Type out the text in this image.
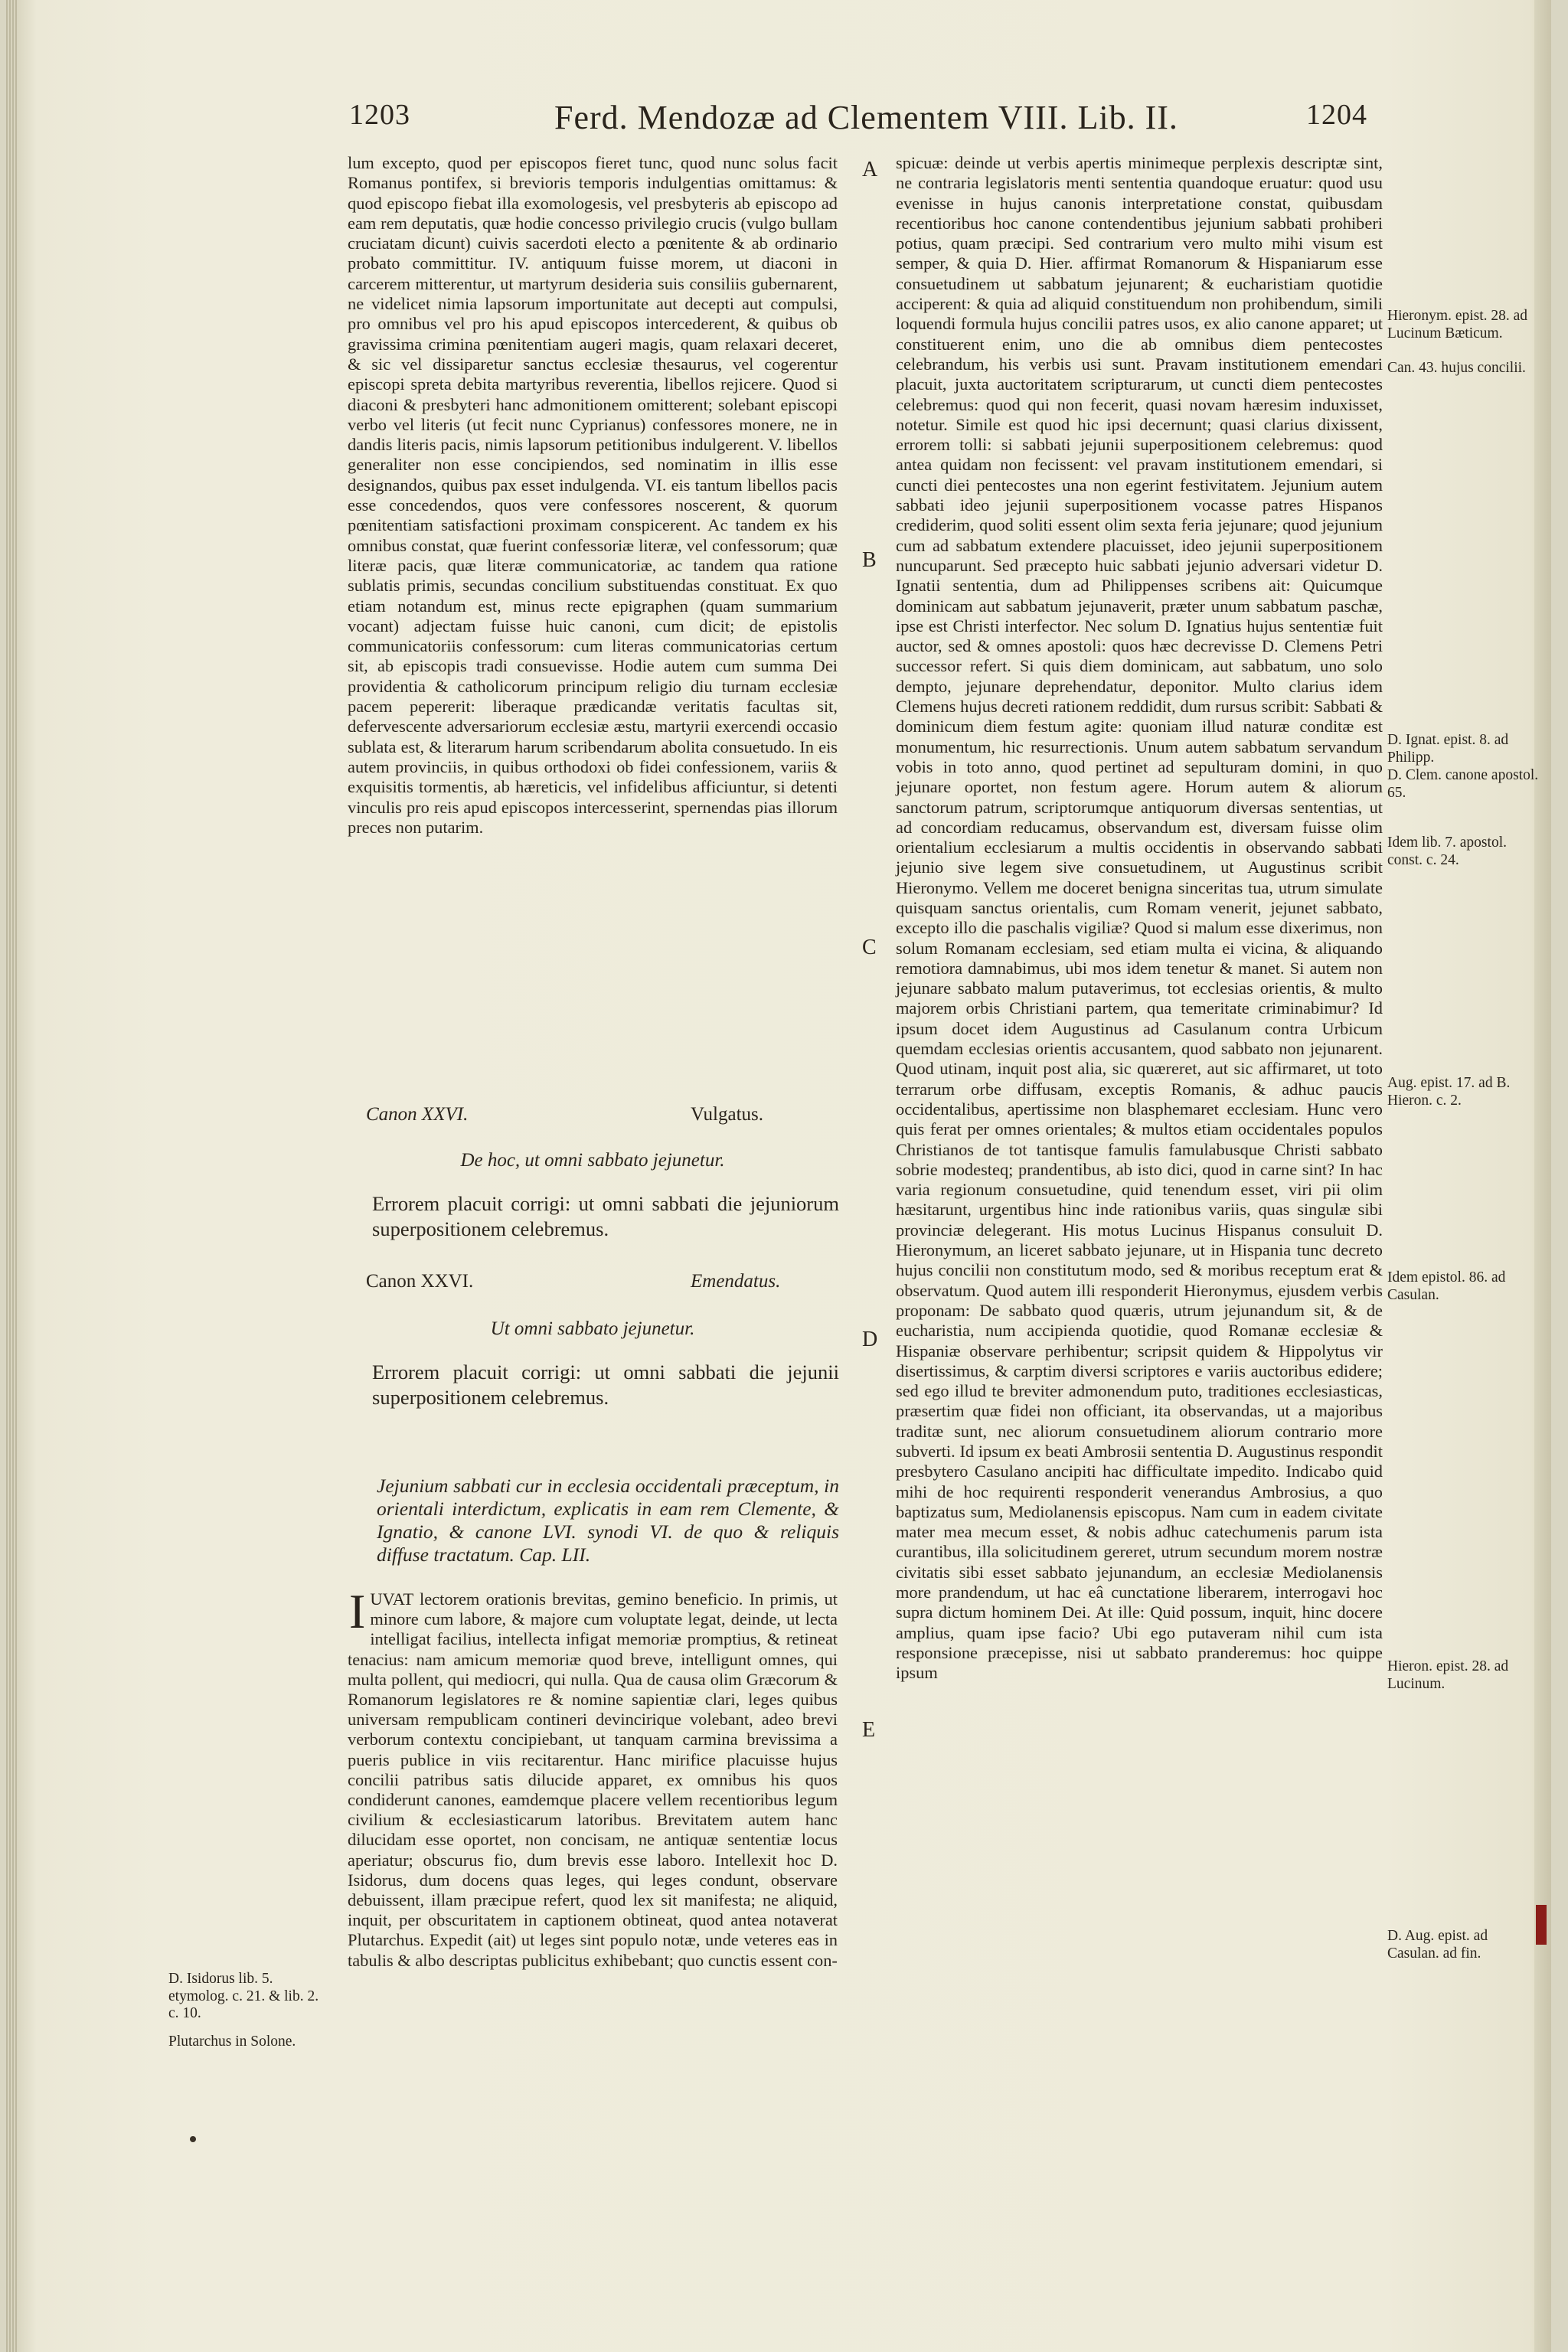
1203	Ferd. Mendozæ ad Clementem VIII. Lib. II.	1204

lum excepto, quod per episcopos fieret tunc, quod nunc solus facit Romanus pontifex, si brevioris temporis indulgentias omittamus: & quod episcopo fiebat illa exomologesis, vel presbyteris ab episcopo ad eam rem deputatis, quæ hodie concesso privilegio crucis (vulgo bullam cruciatam dicunt) cuivis sacerdoti electo a pœnitente & ab ordinario probato committitur. IV. antiquum fuisse morem, ut diaconi in carcerem mitterentur, ut martyrum desideria suis consiliis gubernarent, ne videlicet nimia lapsorum importunitate aut decepti aut compulsi, pro omnibus vel pro his apud episcopos intercederent, & quibus ob gravissima crimina pœnitentiam augeri magis, quam relaxari deceret, & sic vel dissiparetur sanctus ecclesiæ thesaurus, vel cogerentur episcopi spreta debita martyribus reverentia, libellos rejicere. Quod si diaconi & presbyteri hanc admonitionem omitterent; solebant episcopi verbo vel literis (ut fecit nunc Cyprianus) confessores monere, ne in dandis literis pacis, nimis lapsorum petitionibus indulgerent. V. libellos generaliter non esse concipiendos, sed nominatim in illis esse designandos, quibus pax esset indulgenda. VI. eis tantum libellos pacis esse concedendos, quos vere confessores noscerent, & quorum pœnitentiam satisfactioni proximam conspicerent. Ac tandem ex his omnibus constat, quæ fuerint confessoriæ literæ, vel confessorum; quæ literæ pacis, quæ literæ communicatoriæ, ac tandem qua ratione sublatis primis, secundas concilium substituendas constituat. Ex quo etiam notandum est, minus recte epigraphen (quam summarium vocant) adjectam fuisse huic canoni, cum dicit; de epistolis communicatoriis confessorum: cum literas communicatorias certum sit, ab episcopis tradi consuevisse. Hodie autem cum summa Dei providentia & catholicorum principum religio diu turnam ecclesiæ pacem pepererit: liberaque prædicandæ veritatis facultas sit, defervescente adversariorum ecclesiæ æstu, martyrii exercendi occasio sublata est, & literarum harum scribendarum abolita consuetudo. In eis autem provinciis, in quibus orthodoxi ob fidei confessionem, variis & exquisitis tormentis, ab hæreticis, vel infidelibus afficiuntur, si detenti vinculis pro reis apud episcopos intercesserint, spernendas pias illorum preces non putarim.

Canon XXVI.	Vulgatus.
De hoc, ut omni sabbato jejunetur.
Errorem placuit corrigi: ut omni sabbati die jejuniorum superpositionem celebremus.
Canon XXVI.	Emendatus.
Ut omni sabbato jejunetur.
Errorem placuit corrigi: ut omni sabbati die jejunii superpositionem celebremus.
Jejunium sabbati cur in ecclesia occidentali præceptum, in orientali interdictum, explicatis in eam rem Clemente, & Ignatio, & canone LVI. synodi VI. de quo & reliquis diffuse tractatum. Cap. LII.
IUVAT lectorem orationis brevitas, gemino beneficio. In primis, ut minore cum labore, & majore cum voluptate legat, deinde, ut lecta intelligat facilius, intellecta infigat memoriæ promptius, & retineat tenacius: nam amicum memoriæ quod breve, intelligunt omnes, qui multa pollent, qui mediocri, qui nulla. Qua de causa olim Græcorum & Romanorum legislatores re & nomine sapientiæ clari, leges quibus universam rempublicam contineri devincirique volebant, adeo brevi verborum contextu concipiebant, ut tanquam carmina brevissima a pueris publice in viis recitarentur. Hanc mirifice placuisse hujus concilii patribus satis dilucide apparet, ex omnibus his quos condiderunt canones, eamdemque placere vellem recentioribus legum civilium & ecclesiasticarum latoribus. Brevitatem autem hanc dilucidam esse oportet, non concisam, ne antiquæ sententiæ locus aperiatur; obscurus fio, dum brevis esse laboro. Intellexit hoc D. Isidorus, dum docens quas leges, qui leges condunt, observare debuissent, illam præcipue refert, quod lex sit manifesta; ne aliquid, inquit, per obscuritatem in captionem obtineat, quod antea notaverat Plutarchus. Expedit (ait) ut leges sint populo notæ, unde veteres eas in tabulis & albo descriptas publicitus exhibebant; quo cunctis essent con-

spicuæ: deinde ut verbis apertis minimeque perplexis descriptæ sint, ne contraria legislatoris menti sententia quandoque eruatur: quod usu evenisse in hujus canonis interpretatione constat, quibusdam recentioribus hoc canone contendentibus jejunium sabbati prohiberi potius, quam præcipi. Sed contrarium vero multo mihi visum est semper, & quia D. Hier. affirmat Romanorum & Hispaniarum esse consuetudinem ut sabbatum jejunarent; & eucharistiam quotidie acciperent: & quia ad aliquid constituendum non prohibendum, simili loquendi formula hujus concilii patres usos, ex alio canone apparet; ut constituerent enim, uno die ab omnibus diem pentecostes celebrandum, his verbis usi sunt. Pravam institutionem emendari placuit, juxta auctoritatem scripturarum, ut cuncti diem pentecostes celebremus: quod qui non fecerit, quasi novam hæresim induxisset, notetur. Simile est quod hic ipsi decernunt; quasi clarius dixissent, errorem tolli: si sabbati jejunii superpositionem celebremus: quod antea quidam non fecissent: vel pravam institutionem emendari, si cuncti diei pentecostes una non egerint festivitatem. Jejunium autem sabbati ideo jejunii superpositionem vocasse patres Hispanos crediderim, quod soliti essent olim sexta feria jejunare; quod jejunium cum ad sabbatum extendere placuisset, ideo jejunii superpositionem nuncuparunt. Sed præcepto huic sabbati jejunio adversari videtur D. Ignatii sententia, dum ad Philippenses scribens ait: Quicumque dominicam aut sabbatum jejunaverit, præter unum sabbatum paschæ, ipse est Christi interfector. Nec solum D. Ignatius hujus sententiæ fuit auctor, sed & omnes apostoli: quos hæc decrevisse D. Clemens Petri successor refert. Si quis diem dominicam, aut sabbatum, uno solo dempto, jejunare deprehendatur, deponitor. Multo clarius idem Clemens hujus decreti rationem reddidit, dum rursus scribit: Sabbati & dominicum diem festum agite: quoniam illud naturæ conditæ est monumentum, hic resurrectionis. Unum autem sabbatum servandum vobis in toto anno, quod pertinet ad sepulturam domini, in quo jejunare oportet, non festum agere. Horum autem & aliorum sanctorum patrum, scriptorumque antiquorum diversas sententias, ut ad concordiam reducamus, observandum est, diversam fuisse olim orientalium ecclesiarum a multis occidentis in observando sabbati jejunio sive legem sive consuetudinem, ut Augustinus scribit Hieronymo. Vellem me doceret benigna sinceritas tua, utrum simulate quisquam sanctus orientalis, cum Romam venerit, jejunet sabbato, excepto illo die paschalis vigiliæ? Quod si malum esse dixerimus, non solum Romanam ecclesiam, sed etiam multa ei vicina, & aliquando remotiora damnabimus, ubi mos idem tenetur & manet. Si autem non jejunare sabbato malum putaverimus, tot ecclesias orientis, & multo majorem orbis Christiani partem, qua temeritate criminabimur? Id ipsum docet idem Augustinus ad Casulanum contra Urbicum quemdam ecclesias orientis accusantem, quod sabbato non jejunarent. Quod utinam, inquit post alia, sic quæreret, aut sic affirmaret, ut toto terrarum orbe diffusam, exceptis Romanis, & adhuc paucis occidentalibus, apertissime non blasphemaret ecclesiam. Hunc vero quis ferat per omnes orientales; & multos etiam occidentales populos Christianos de tot tantisque famulis famulabusque Christi sabbato sobrie modesteq; prandentibus, ab isto dici, quod in carne sint? In hac varia regionum consuetudine, quid tenendum esset, viri pii olim hæsitarunt, urgentibus hinc inde rationibus variis, quas singulæ sibi provinciæ delegerant. His motus Lucinus Hispanus consuluit D. Hieronymum, an liceret sabbato jejunare, ut in Hispania tunc decreto hujus concilii non constitutum modo, sed & moribus receptum erat & observatum. Quod autem illi responderit Hieronymus, ejusdem verbis proponam: De sabbato quod quæris, utrum jejunandum sit, & de eucharistia, num accipienda quotidie, quod Romanæ ecclesiæ & Hispaniæ observare perhibentur; scripsit quidem & Hippolytus vir disertissimus, & carptim diversi scriptores e variis auctoribus edidere; sed ego illud te breviter admonendum puto, traditiones ecclesiasticas, præsertim quæ fidei non officiant, ita observandas, ut a majoribus traditæ sunt, nec aliorum consuetudinem aliorum contrario more subverti. Id ipsum ex beati Ambrosii sententia D. Augustinus respondit presbytero Casulano ancipiti hac difficultate impedito. Indicabo quid mihi de hoc requirenti responderit venerandus Ambrosius, a quo baptizatus sum, Mediolanensis episcopus. Nam cum in eadem civitate mater mea mecum esset, & nobis adhuc catechumenis parum ista curantibus, illa solicitudinem gereret, utrum secundum morem nostræ civitatis sibi esset sabbato jejunandum, an ecclesiæ Mediolanensis more prandendum, ut hac eâ cunctatione liberarem, interrogavi hoc supra dictum hominem Dei. At ille: Quid possum, inquit, hinc docere amplius, quam ipse facio? Ubi ego putaveram nihil cum ista responsione præcepisse, nisi ut sabbato pranderemus: hoc quippe ipsum

A
B
C
D
E
Hieronym. epist. 28. ad Lucinum Bæticum.
Can. 43. hujus concilii.
D. Ignat. epist. 8. ad Philipp.
D. Clem. canone apostol. 65.
Idem lib. 7. apostol. const. c. 24.
Aug. epist. 17. ad B. Hieron. c. 2.
Idem epistol. 86. ad Casulan.
Hieron. epist. 28. ad Lucinum.
D. Aug. epist. ad Casulan. ad fin.
D. Isidorus lib. 5. etymolog. c. 21. & lib. 2. c. 10.
Plutarchus in Solone.
